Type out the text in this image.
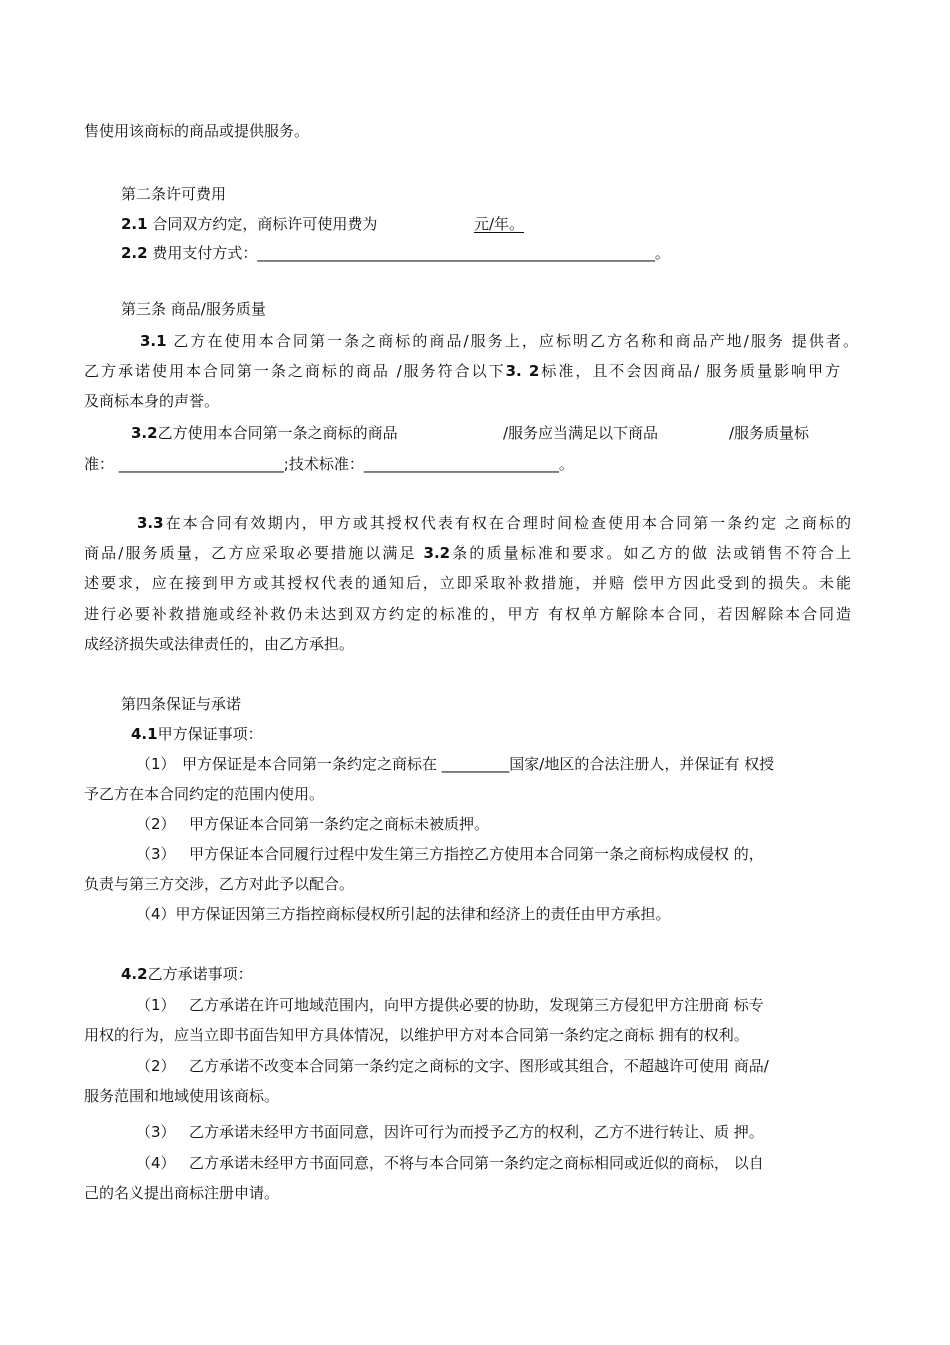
售使用该商标的商品或提供服务。
第二条许可费用
2.1 合同双方约定，商标许可使用费为	元∕年。
2.2 费用支付方式：_____________________________________________________。
第三条 商品/服务质量
3.1 乙方在使用本合同第一条之商标的商品/服务上，应标明乙方名称和商品产地/服务 提供者。
乙方承诺使用本合同第一条之商标的商品 /服务符合以下3. 2标准，且不会因商品/ 服务质量影响甲方
及商标本身的声誉。
3.2乙方使用本合同第一条之商标的商品	/服务应当满足以下商品	/服务质量标
准： ______________________;技术标准：__________________________。
3.3在本合同有效期内，甲方或其授权代表有权在合理时间检查使用本合同第一条约定 之商标的
商品/服务质量，乙方应采取必要措施以满足 3.2条的质量标准和要求。如乙方的做 法或销售不符合上
述要求，应在接到甲方或其授权代表的通知后，立即采取补救措施，并赔 偿甲方因此受到的损失。未能
进行必要补救措施或经补救仍未达到双方约定的标准的，甲方 有权单方解除本合同，若因解除本合同造
成经济损失或法律责任的，由乙方承担。
第四条保证与承诺
4.1甲方保证事项：
（1） 甲方保证是本合同第一条约定之商标在 _________国家/地区的合法注册人，并保证有 权授
予乙方在本合同约定的范围内使用。
（2） 甲方保证本合同第一条约定之商标未被质押。
（3） 甲方保证本合同履行过程中发生第三方指控乙方使用本合同第一条之商标构成侵权 的，
负责与第三方交涉，乙方对此予以配合。
（4）甲方保证因第三方指控商标侵权所引起的法律和经济上的责任由甲方承担。
4.2乙方承诺事项：
（1） 乙方承诺在许可地域范围内，向甲方提供必要的协助，发现第三方侵犯甲方注册商 标专
用权的行为，应当立即书面告知甲方具体情况，以维护甲方对本合同第一条约定之商标 拥有的权利。
（2） 乙方承诺不改变本合同第一条约定之商标的文字、图形或其组合，不超越许可使用 商品/
服务范围和地域使用该商标。
（3） 乙方承诺未经甲方书面同意，因许可行为而授予乙方的权利，乙方不进行转让、质 押。
（4） 乙方承诺未经甲方书面同意，不将与本合同第一条约定之商标相同或近似的商标， 以自
己的名义提出商标注册申请。
